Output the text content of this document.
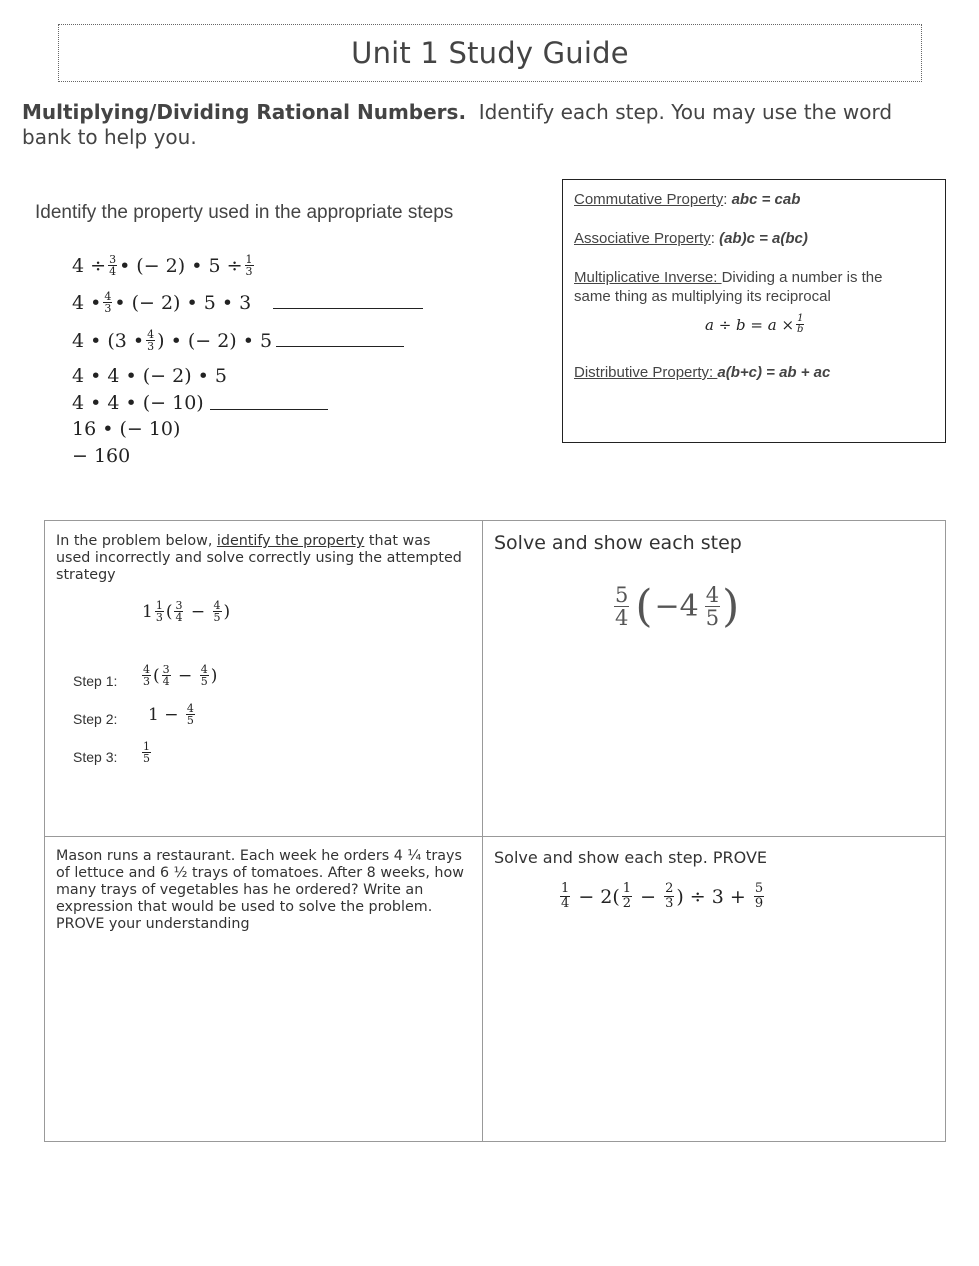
Unit 1 Study Guide
Multiplying/Dividing Rational Numbers. Identify each step. You may use the word bank to help you.
Identify the property used in the appropriate steps
$4 \div \frac{3}{4}$ • (− 2) • $5 \div \frac{1}{3}$
4 • $\frac{4}{3}$ • (− 2) • 5 • 3
4 • (3 • $\frac{4}{3}$ ) • (− 2) • 5
4 • 4 • (− 2) • 5
4 • 4 • (− 10)
16 • (− 10)
− 160
Commutative Property: abc = cab
Associative Property: (ab)c = a(bc)
Multiplicative Inverse: Dividing a number is the
same thing as multiplying its reciprocal
$a \div b = a \times \frac{1}{b}$
Distributive Property: a(b+c) = ab + ac
In the problem below, identify the property that was used incorrectly and solve correctly using the attempted strategy
$1 \frac{1}{3}$ ( $\frac{3}{4} - \frac{4}{5}$ )
Step 1: $\frac{4}{3}$ ( $\frac{3}{4} - \frac{4}{5}$ )
Step 2: $1 - \frac{4}{5}$
Step 3: $\frac{1}{5}$
Solve and show each step
$\frac{5}{4}$ ( $-4 \frac{4}{5}$ )
Mason runs a restaurant. Each week he orders 4 ¼ trays of lettuce and 6 ½ trays of tomatoes. After 8 weeks, how many trays of vegetables has he ordered? Write an expression that would be used to solve the problem. PROVE your understanding
Solve and show each step. PROVE
$\frac{1}{4} - 2( \frac{1}{2} - \frac{2}{3}$ ) ÷ $3 + \frac{5}{9}$
